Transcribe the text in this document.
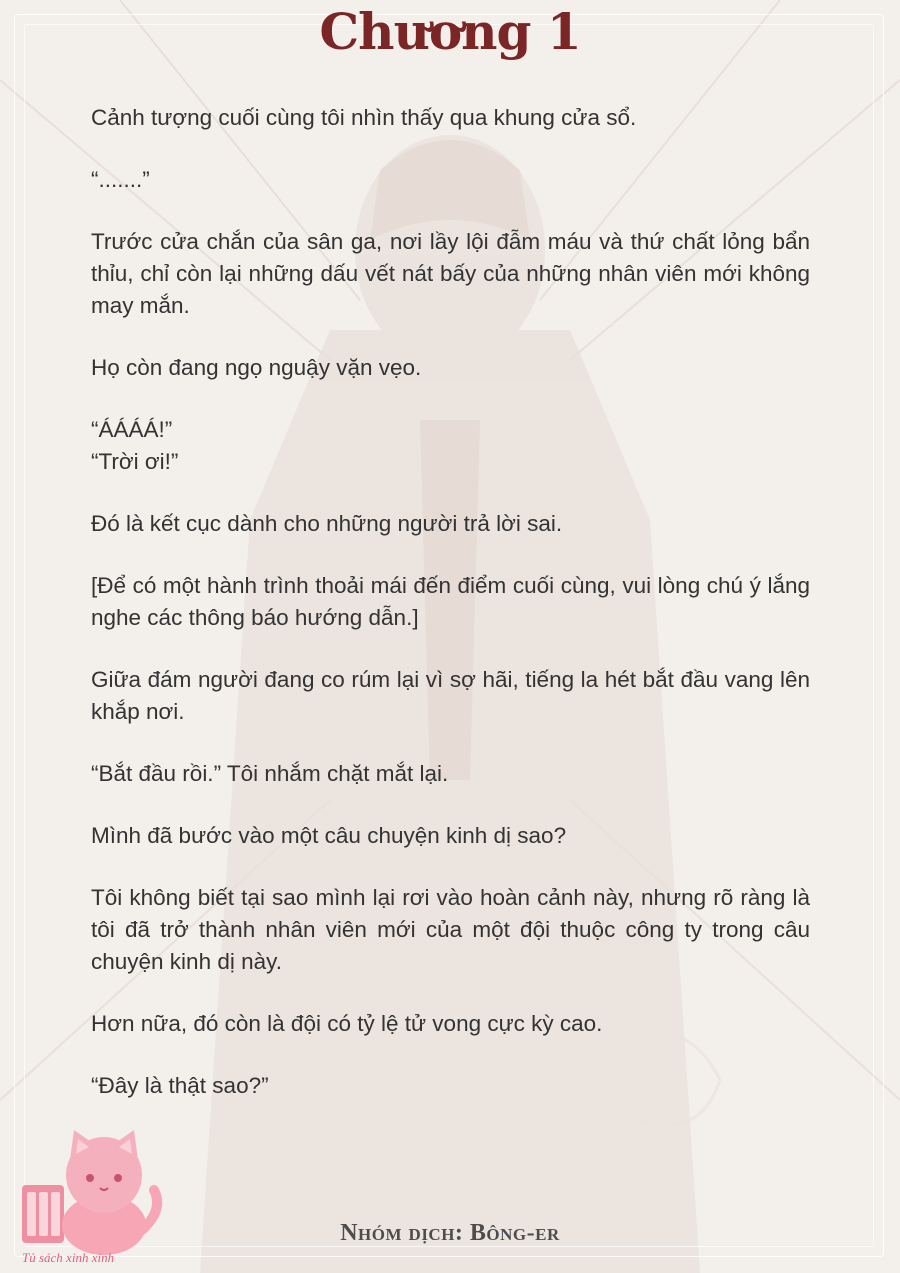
Chương 1

Cảnh tượng cuối cùng tôi nhìn thấy qua khung cửa sổ.

“.......”

Trước cửa chắn của sân ga, nơi lầy lội đẫm máu và thứ chất lỏng bẩn thỉu, chỉ còn lại những dấu vết nát bấy của những nhân viên mới không may mắn.

Họ còn đang ngọ nguậy vặn vẹo.

“ÁÁÁÁ!”

“Trời ơi!”

Đó là kết cục dành cho những người trả lời sai.

[Để có một hành trình thoải mái đến điểm cuối cùng, vui lòng chú ý lắng nghe các thông báo hướng dẫn.]

Giữa đám người đang co rúm lại vì sợ hãi, tiếng la hét bắt đầu vang lên khắp nơi.

“Bắt đầu rồi.” Tôi nhắm chặt mắt lại.

Mình đã bước vào một câu chuyện kinh dị sao?

Tôi không biết tại sao mình lại rơi vào hoàn cảnh này, nhưng rõ ràng là tôi đã trở thành nhân viên mới của một đội thuộc công ty trong câu chuyện kinh dị này.

Hơn nữa, đó còn là đội có tỷ lệ tử vong cực kỳ cao.

“Đây là thật sao?”

Tủ sách xinh xinh
Nhóm dịch: Bông-er
